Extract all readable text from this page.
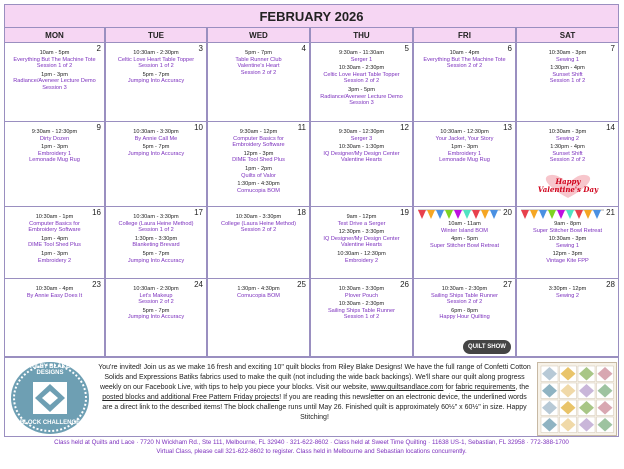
FEBRUARY 2026
MON	TUE	WED	THU	FRI	SAT
2
10am - 5pm
Everything But The Machine Tote
Session 1 of 2
1pm - 3pm
Radiance/Aveneer Lecture Demo
Session 3
3
10:30am - 2:30pm
Celtic Love Heart Table Topper
Session 1 of 2
5pm - 7pm
Jumping Into Accuracy
4
5pm - 7pm
Table Runner Club
Valentine's Heart
Session 2 of 2
5
9:30am - 11:30am
Serger 1
10:30am - 2:30pm
Celtic Love Heart Table Topper
Session 2 of 2
3pm - 5pm
Radiance/Aveneer Lecture Demo
Session 3
6
10am - 4pm
Everything But The Machine Tote
Session 2 of 2
7
10:30am - 3pm
Sewing 1
1:30pm - 4pm
Sunset Shift
Session 1 of 2
9
9:30am - 12:30pm
Dirty Dozen
1pm - 3pm
Embroidery 1
Lemonade Mug Rug
10
10:30am - 3:30pm
By Annie Call Me
5pm - 7pm
Jumping Into Accuracy
11
9:30am - 12pm
Computer Basics for
Embroidery Software
12pm - 3pm
DIME Tool Shed Plus
1pm - 2pm
Quilts of Valor
1:30pm - 4:30pm
Cornucopia BOM
12
9:30am - 12:30pm
Serger 3
10:30am - 1:30pm
IQ Designer/My Design Center
Valentine Hearts
13
10:30am - 12:30pm
Your Jacket, Your Story
1pm - 3pm
Embroidery 1
Lemonade Mug Rug
14
10:30am - 3pm
Sewing 2
1:30pm - 4pm
Sunset Shift
Session 2 of 2
Happy Valentine's Day
16
10:30am - 1pm
Computer Basics for
Embroidery Software
1pm - 4pm
DIME Tool Shed Plus
1pm - 3pm
Embroidery 2
17
10:30am - 3:30pm
College (Laura Heine Method)
Session 1 of 2
1:30pm - 3:30pm
Blanketing Brevard
5pm - 7pm
Jumping Into Accuracy
18
10:30am - 3:30pm
College (Laura Heine Method)
Session 2 of 2
19
9am - 12pm
Test Drive a Serger
12:30pm - 3:30pm
IQ Designer/My Design Center
Valentine Hearts
10:30am - 12:30pm
Embroidery 2
20
10am - 11am
Winter Island BOM
4pm - 5pm
Super Stitcher Bowl Retreat
21
9am - 8pm
Super Stitcher Bowl Retreat
10:30am - 3pm
Sewing 1
12pm - 3pm
Vintage Kite FPP
23
10:30am - 4pm
By Annie Easy Does It
24
10:30am - 2:30pm
Let's Makeup
Session 2 of 2
5pm - 7pm
Jumping Into Accuracy
25
1:30pm - 4:30pm
Cornucopia BOM
26
10:30am - 3:30pm
Plover Pouch
10:30am - 2:30pm
Sailing Ships Table Runner
Session 1 of 2
27
10:30am - 2:30pm
Sailing Ships Table Runner
Session 2 of 2
6pm - 8pm
Happy Hour Quilting
QUILT SHOW 2026
28
3:30pm - 12pm
Sewing 2
RILEY BLAKE DESIGNS
BLOCK CHALLENGE
You're invited! Join us as we make 16 fresh and exciting 10" quilt blocks from Riley Blake Designs! We have the full range of Confetti Cotton Solids and Expressions Batiks fabrics used to make the quilt (not including the wide back backings). We'll share our quilt along progress weekly on our Facebook Live, with tips to help you piece your blocks. Visit our website, www.quiltsandlace.com for fabric requirements, the posted blocks and additional Free Pattern Friday projects! If you are reading this newsletter on an electronic device, the underlined words are a direct link to the described items! The block challenge runs until May 26. Finished quilt is approximately 60½" x 60½" in size. Happy Stitching!
Class held at Quilts and Lace · 7720 N Wickham Rd., Ste 111, Melbourne, FL 32940 · 321-622-8602 · Class held at Sweet Time Quilting · 11638 US-1, Sebastian, FL 32958 · 772-388-1700
Virtual Class, please call 321-622-8602 to register. Class held in Melbourne and Sebastian locations concurrently.
